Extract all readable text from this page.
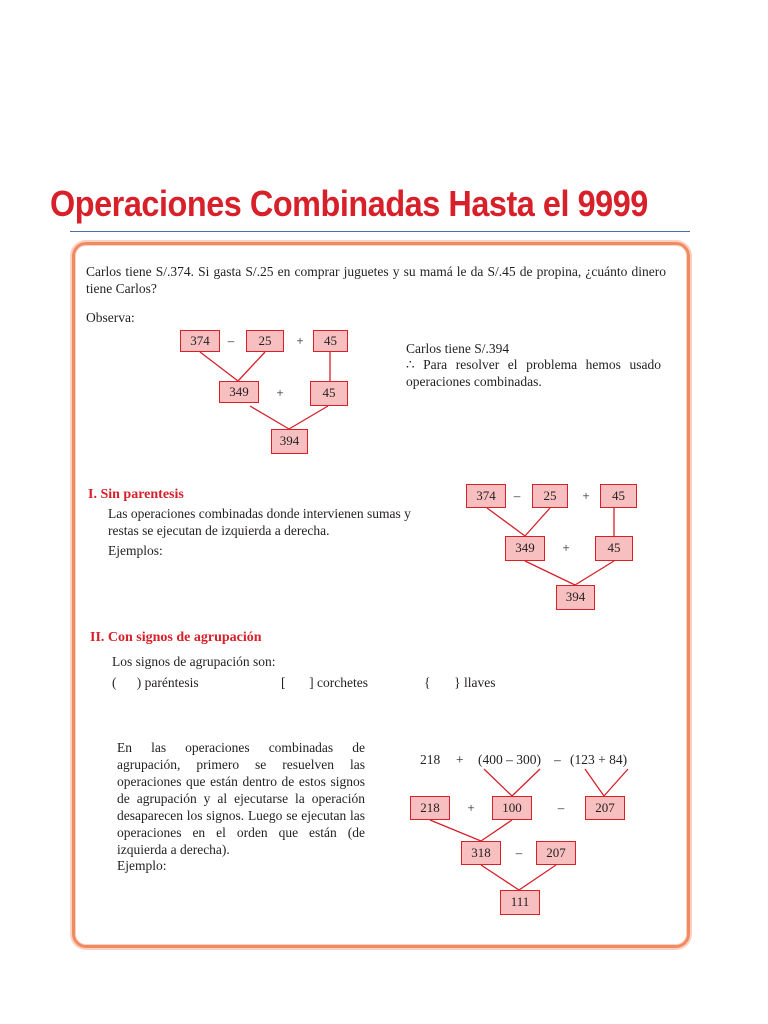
Operaciones Combinadas Hasta el 9999
Carlos tiene S/.374. Si gasta S/.25 en comprar juguetes y su mamá le da S/.45 de propina, ¿cuánto dinero tiene Carlos?
Observa:
Carlos tiene S/.394
∴ Para resolver el problema hemos usado operaciones combinadas.
374	–	25	+	45
349	+	45
394
I. Sin parentesis
Las operaciones combinadas donde intervienen sumas y restas se ejecutan de izquierda a derecha.
Ejemplos:
374	–	25	+	45
349	+	45
394
II. Con signos de agrupación
Los signos de agrupación son:
(      ) paréntesis	[       ] corchetes	{       } llaves
En las operaciones combinadas de agrupación, primero se resuelven las operaciones que están dentro de estos signos de agrupación y al ejecutarse la operación desaparecen los signos. Luego se ejecutan las operaciones en el orden que están (de izquierda a derecha).
Ejemplo:
218 + (400 – 300) – (123 + 84)
218	+	100	–	207
318	–	207
111
